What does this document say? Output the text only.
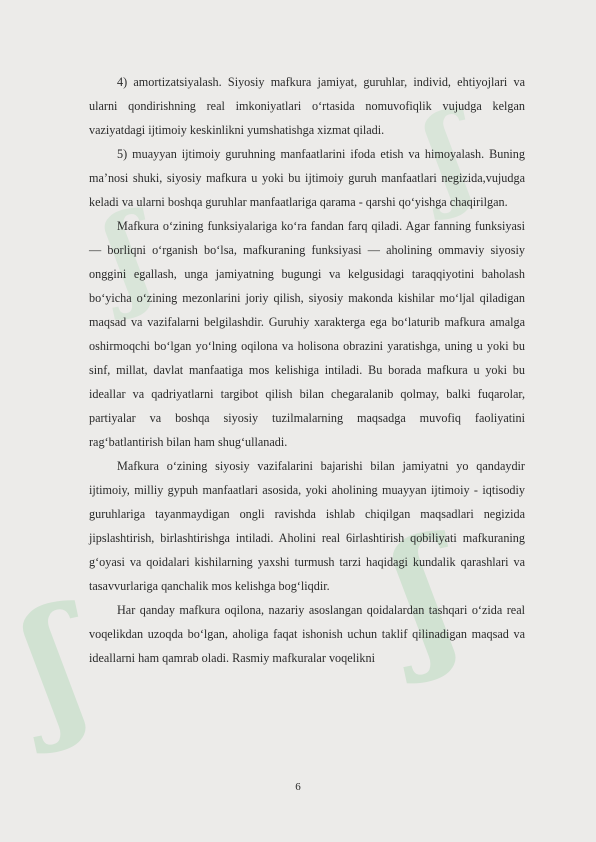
ʃ
ʃ
ʃ
ʃ

4) amortizatsiyalash. Siyosiy mafkura jamiyat, guruhlar, individ, ehtiyojlari va ularni qondirishning real imkoniyatlari o‘rtasida nomuvofiqlik vujudga kelgan vaziyatdagi ijtimoiy keskinlikni yumshatishga xizmat qiladi.

5) muayyan ijtimoiy guruhning manfaatlarini ifoda etish va himoyalash. Buning ma’nosi shuki, siyosiy mafkura u yoki bu ijtimoiy guruh manfaatlari negizida,vujudga keladi va ularni boshqa guruhlar manfaatlariga qarama - qarshi qo‘yishga chaqirilgan.

Mafkura o‘zining funksiyalariga ko‘ra fandan farq qiladi. Agar fanning funksiyasi — borliqni o‘rganish bo‘lsa, mafkuraning funksiyasi — aholining ommaviy siyosiy onggini egallash, unga jamiyatning bugungi va kelgusidagi taraqqiyotini baholash bo‘yicha o‘zining mezonlarini joriy qilish, siyosiy makonda kishilar mo‘ljal qiladigan maqsad va vazifalarni belgilashdir. Guruhiy xarakterga ega bo‘laturib mafkura amalga oshirmoqchi bo‘lgan yo‘lning oqilona va holisona obrazini yaratishga, uning u yoki bu sinf, millat, davlat manfaatiga mos kelishiga intiladi. Bu borada mafkura u yoki bu ideallar va qadriyatlarni targibot qilish bilan chegaralanib qolmay, balki fuqarolar, partiyalar va boshqa siyosiy tuzilmalarning maqsadga muvofiq faoliyatini rag‘batlantirish bilan ham shug‘ullanadi.

Mafkura o‘zining siyosiy vazifalarini bajarishi bilan jamiyatni yo qandaydir ijtimoiy, milliy gypuh manfaatlari asosida, yoki aholining muayyan ijtimoiy - iqtisodiy guruhlariga tayanmaydigan ongli ravishda ishlab chiqilgan maqsadlari negizida jipslashtirish, birlashtirishga intiladi. Aholini real 6irlashtirish qobiliyati mafkuraning g‘oyasi va qoidalari kishilarning yaxshi turmush tarzi haqidagi kundalik qarashlari va tasavvurlariga qanchalik mos kelishga bog‘liqdir.

Har qanday mafkura oqilona, nazariy asoslangan qoidalardan tashqari o‘zida real voqelikdan uzoqda bo‘lgan, aholiga faqat ishonish uchun taklif qilinadigan maqsad va ideallarni ham qamrab oladi. Rasmiy mafkuralar voqelikni

6
